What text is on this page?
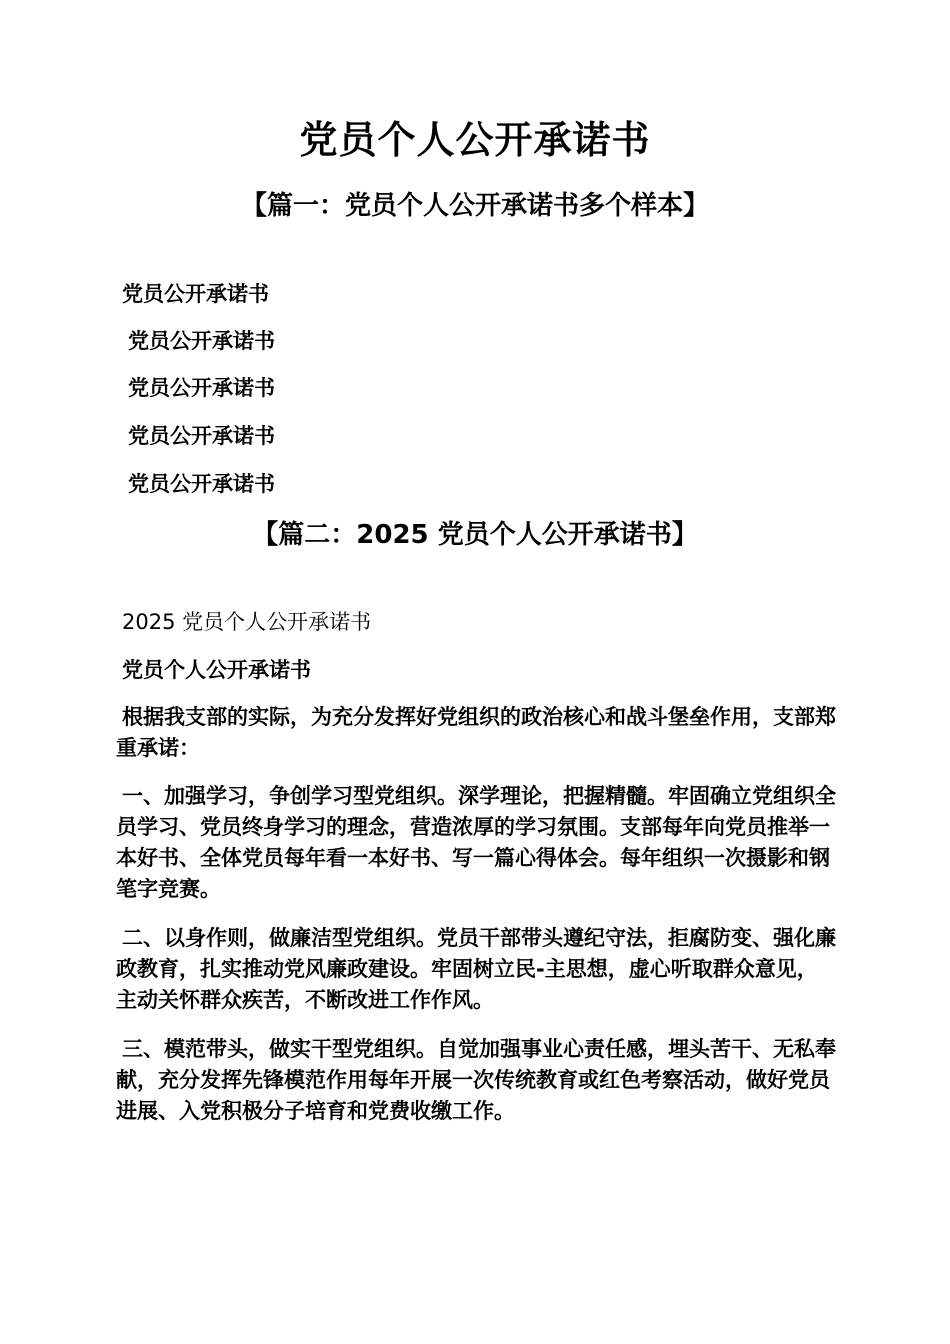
党员个人公开承诺书
【篇一：党员个人公开承诺书多个样本】
党员公开承诺书
党员公开承诺书
党员公开承诺书
党员公开承诺书
党员公开承诺书
【篇二：2025 党员个人公开承诺书】
2025 党员个人公开承诺书
党员个人公开承诺书
根据我支部的实际，为充分发挥好党组织的政治核心和战斗堡垒作用，支部郑重承诺：
一、加强学习，争创学习型党组织。深学理论，把握精髓。牢固确立党组织全员学习、党员终身学习的理念，营造浓厚的学习氛围。支部每年向党员推举一本好书、全体党员每年看一本好书、写一篇心得体会。每年组织一次摄影和钢笔字竞赛。
二、以身作则，做廉洁型党组织。党员干部带头遵纪守法，拒腐防变、强化廉政教育，扎实推动党风廉政建设。牢固树立民-主思想，虚心听取群众意见，主动关怀群众疾苦，不断改进工作作风。
三、模范带头，做实干型党组织。自觉加强事业心责任感，埋头苦干、无私奉献，充分发挥先锋模范作用每年开展一次传统教育或红色考察活动，做好党员进展、入党积极分子培育和党费收缴工作。
